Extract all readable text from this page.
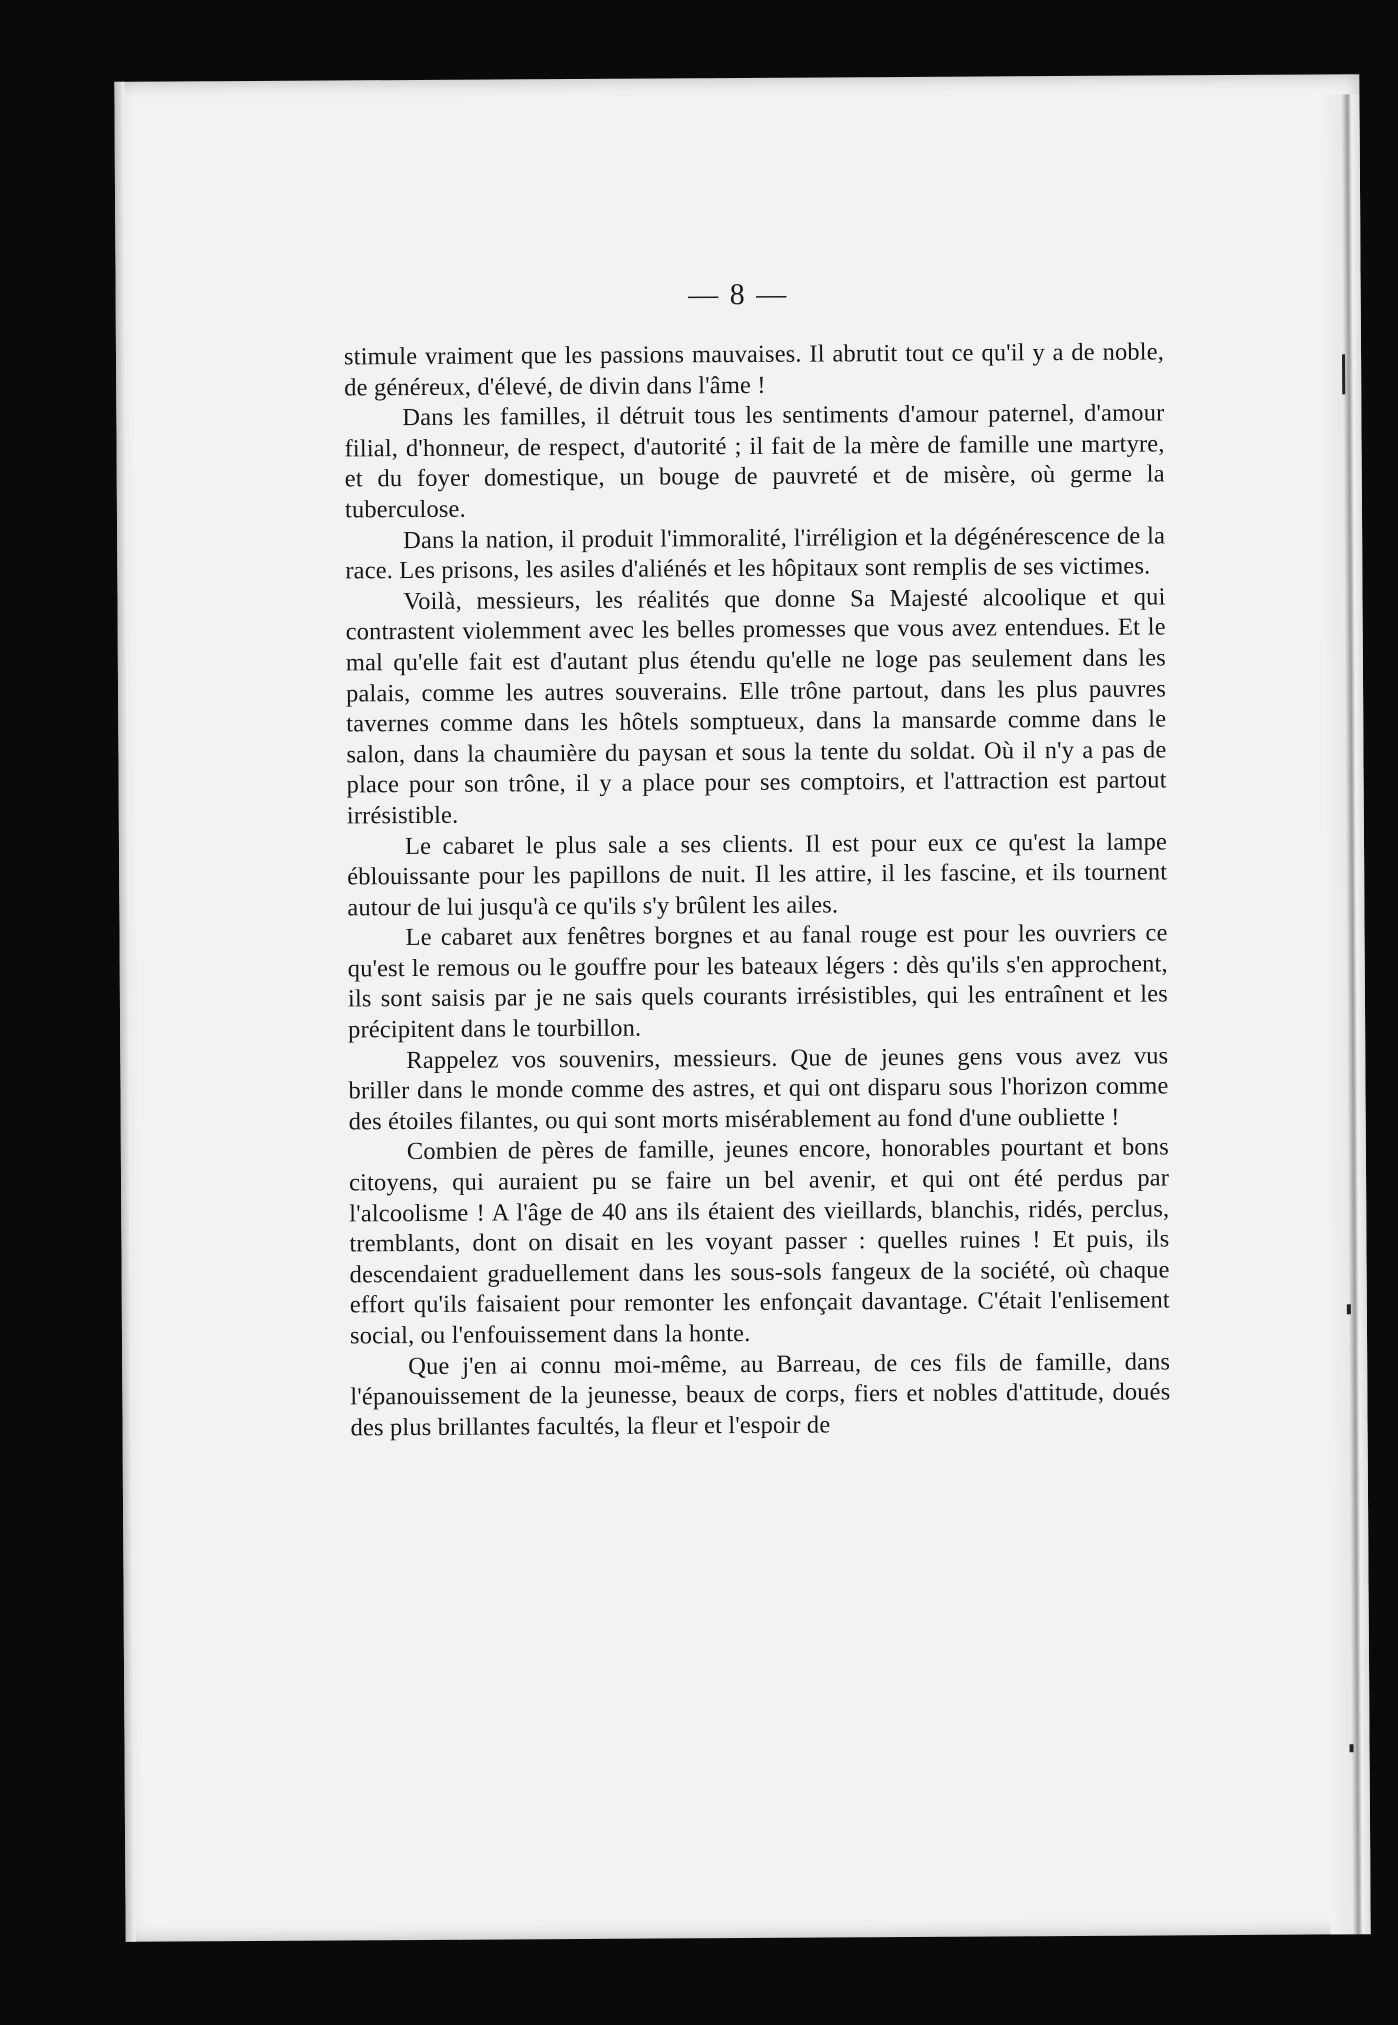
— 8 —

stimule vraiment que les passions mauvaises. Il abrutit tout ce qu'il y a de noble, de généreux, d'élevé, de divin dans l'âme !

Dans les familles, il détruit tous les sentiments d'amour paternel, d'amour filial, d'honneur, de respect, d'autorité ; il fait de la mère de famille une martyre, et du foyer domestique, un bouge de pauvreté et de misère, où germe la tuberculose.

Dans la nation, il produit l'immoralité, l'irréligion et la dégénérescence de la race. Les prisons, les asiles d'aliénés et les hôpitaux sont remplis de ses victimes.

Voilà, messieurs, les réalités que donne Sa Majesté alcoolique et qui contrastent violemment avec les belles promesses que vous avez entendues. Et le mal qu'elle fait est d'autant plus étendu qu'elle ne loge pas seulement dans les palais, comme les autres souverains. Elle trône partout, dans les plus pauvres tavernes comme dans les hôtels somptueux, dans la mansarde comme dans le salon, dans la chaumière du paysan et sous la tente du soldat. Où il n'y a pas de place pour son trône, il y a place pour ses comptoirs, et l'attraction est partout irrésistible.

Le cabaret le plus sale a ses clients. Il est pour eux ce qu'est la lampe éblouissante pour les papillons de nuit. Il les attire, il les fascine, et ils tournent autour de lui jusqu'à ce qu'ils s'y brûlent les ailes.

Le cabaret aux fenêtres borgnes et au fanal rouge est pour les ouvriers ce qu'est le remous ou le gouffre pour les bateaux légers : dès qu'ils s'en approchent, ils sont saisis par je ne sais quels courants irrésistibles, qui les entraînent et les précipitent dans le tourbillon.

Rappelez vos souvenirs, messieurs. Que de jeunes gens vous avez vus briller dans le monde comme des astres, et qui ont disparu sous l'horizon comme des étoiles filantes, ou qui sont morts misérablement au fond d'une oubliette !

Combien de pères de famille, jeunes encore, honorables pourtant et bons citoyens, qui auraient pu se faire un bel avenir, et qui ont été perdus par l'alcoolisme ! A l'âge de 40 ans ils étaient des vieillards, blanchis, ridés, perclus, tremblants, dont on disait en les voyant passer : quelles ruines ! Et puis, ils descendaient graduellement dans les sous-sols fangeux de la société, où chaque effort qu'ils faisaient pour remonter les enfonçait davantage. C'était l'enlisement social, ou l'enfouissement dans la honte.

Que j'en ai connu moi-même, au Barreau, de ces fils de famille, dans l'épanouissement de la jeunesse, beaux de corps, fiers et nobles d'attitude, doués des plus brillantes facultés, la fleur et l'espoir de
